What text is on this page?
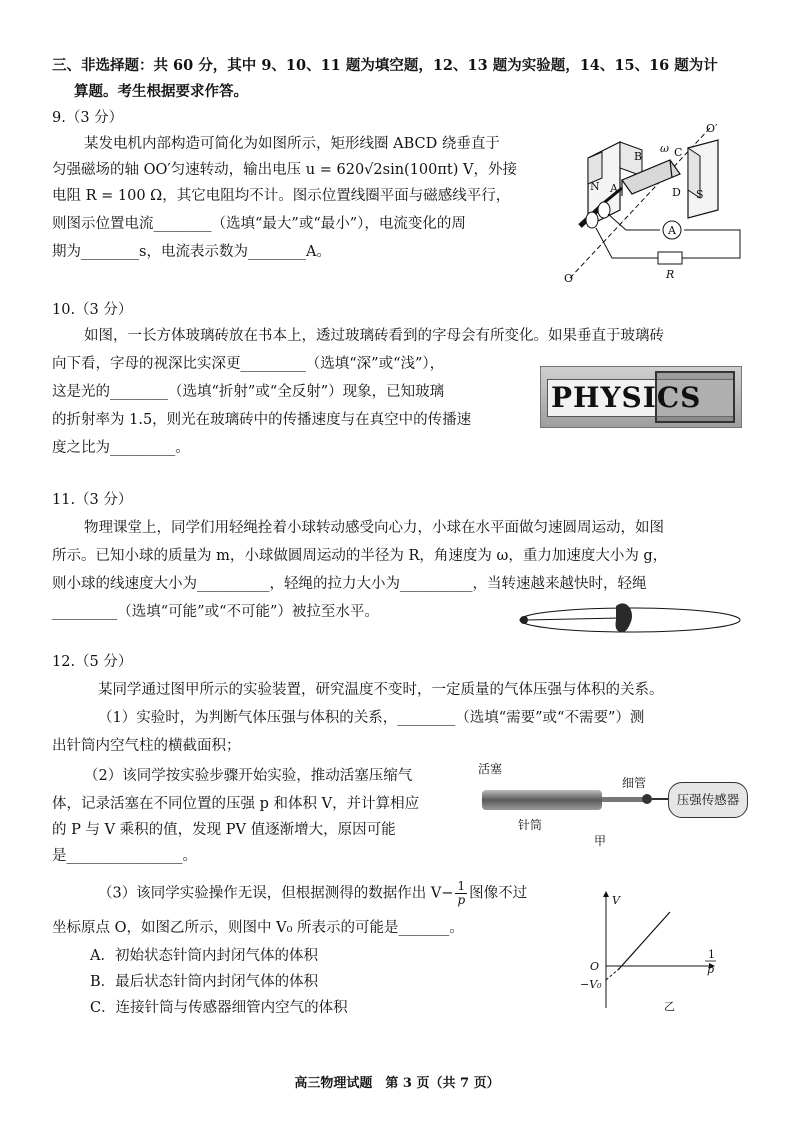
三、非选择题：共 60 分，其中 9、10、11 题为填空题，12、13 题为实验题，14、15、16 题为计
算题。考生根据要求作答。
9.（3 分）
某发电机内部构造可简化为如图所示，矩形线圈 ABCD 绕垂直于
匀强磁场的轴 OO′匀速转动，输出电压 u = 620√2sin(100πt) V，外接
电阻 R = 100 Ω，其它电阻均不计。图示位置线圈平面与磁感线平行，
则图示位置电流________（选填“最大”或“最小”），电流变化的周
期为________s，电流表示数为________A。
O′
ω
B	C
N A	D S
A
R
O
10.（3 分）
如图，一长方体玻璃砖放在书本上，透过玻璃砖看到的字母会有所变化。如果垂直于玻璃砖
向下看，字母的视深比实深更_________（选填“深”或“浅”），
这是光的________（选填“折射”或“全反射”）现象，已知玻璃
的折射率为 1.5，则光在玻璃砖中的传播速度与在真空中的传播速
度之比为_________。
PHYSICS
11.（3 分）
物理课堂上，同学们用轻绳拴着小球转动感受向心力，小球在水平面做匀速圆周运动，如图
所示。已知小球的质量为 m，小球做圆周运动的半径为 R，角速度为 ω，重力加速度大小为 g，
则小球的线速度大小为__________，轻绳的拉力大小为__________，当转速越来越快时，轻绳
_________（选填“可能”或“不可能”）被拉至水平。
12.（5 分）
某同学通过图甲所示的实验装置，研究温度不变时，一定质量的气体压强与体积的关系。
（1）实验时，为判断气体压强与体积的关系，________（选填“需要”或“不需要”）测
出针筒内空气柱的横截面积；
（2）该同学按实验步骤开始实验，推动活塞压缩气
体，记录活塞在不同位置的压强 p 和体积 V，并计算相应
的 P 与 V 乘积的值，发现 PV 值逐渐增大，原因可能
是________________。
活塞
细管
压强传感器
针筒
甲
（3）该同学实验操作无误，但根据测得的数据作出 $V- \frac{1}{p}$ 图像不过
坐标原点 O，如图乙所示，则图中 V₀ 所表示的可能是_______。
A．初始状态针筒内封闭气体的体积
B．最后状态针筒内封闭气体的体积
C．连接针筒与传感器细管内空气的体积
V
O
−V₀
1
p
乙
高三物理试题　第 3 页（共 7 页）
